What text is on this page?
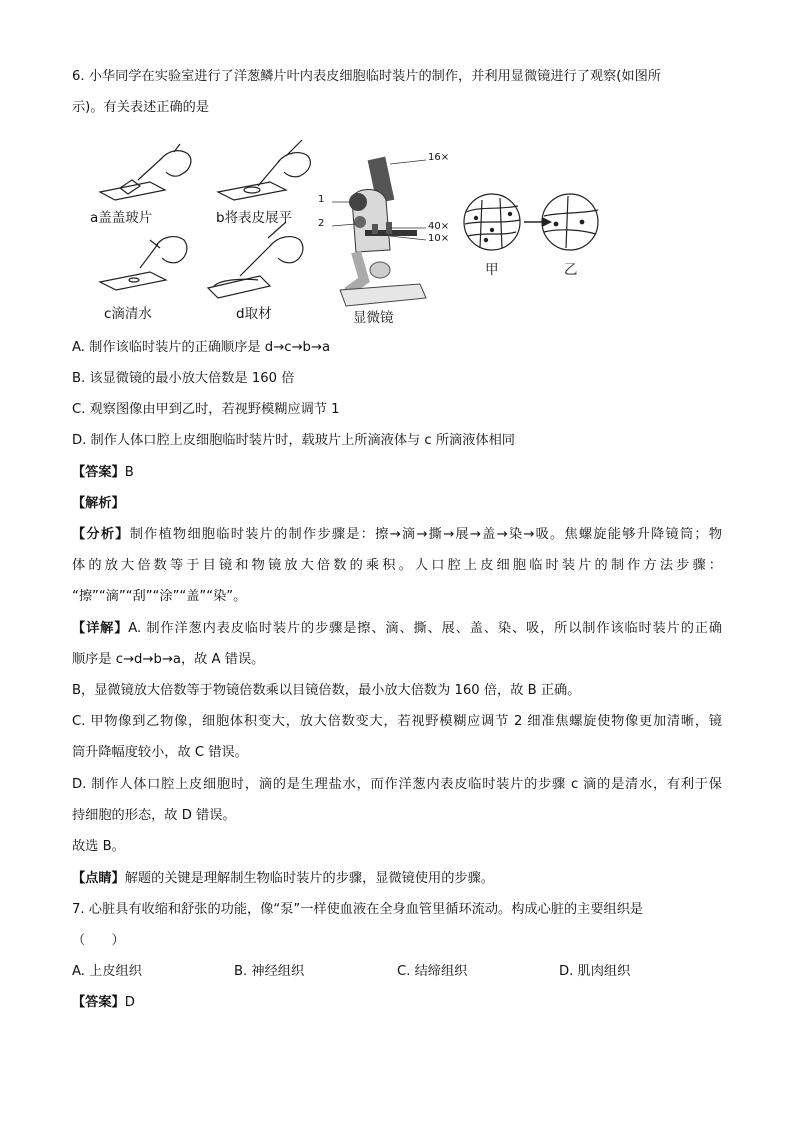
6. 小华同学在实验室进行了洋葱鳞片叶内表皮细胞临时装片的制作，并利用显微镜进行了观察(如图所
示)。有关表述正确的是
a盖盖玻片	b将表皮展平
c滴清水	d取材	显微镜
16×
1
2	40×
10×
甲	乙
A. 制作该临时装片的正确顺序是 d→c→b→a
B. 该显微镜的最小放大倍数是 160 倍
C. 观察图像由甲到乙时，若视野模糊应调节 1
D. 制作人体口腔上皮细胞临时装片时，载玻片上所滴液体与 c 所滴液体相同
【答案】B
【解析】
【分析】制作植物细胞临时装片的制作步骤是：擦→滴→撕→展→盖→染→吸。焦螺旋能够升降镜筒；物
体的放大倍数等于目镜和物镜放大倍数的乘积。人口腔上皮细胞临时装片的制作方法步骤：
“擦”“滴”“刮”“涂”“盖”“染”。
【详解】A. 制作洋葱内表皮临时装片的步骤是擦、滴、撕、展、盖、染、吸，所以制作该临时装片的正确
顺序是 c→d→b→a，故 A 错误。
B，显微镜放大倍数等于物镜倍数乘以目镜倍数，最小放大倍数为 160 倍，故 B 正确。
C. 甲物像到乙物像，细胞体积变大，放大倍数变大，若视野模糊应调节 2 细准焦螺旋使物像更加清晰，镜
筒升降幅度较小，故 C 错误。
D. 制作人体口腔上皮细胞时，滴的是生理盐水，而作洋葱内表皮临时装片的步骤 c 滴的是清水，有利于保
持细胞的形态，故 D 错误。
故选 B。
【点睛】解题的关键是理解制生物临时装片的步骤，显微镜使用的步骤。
7. 心脏具有收缩和舒张的功能，像“泵”一样使血液在全身血管里循环流动。构成心脏的主要组织是
（　　）
A. 上皮组织	B. 神经组织	C. 结缔组织	D. 肌肉组织
【答案】D
